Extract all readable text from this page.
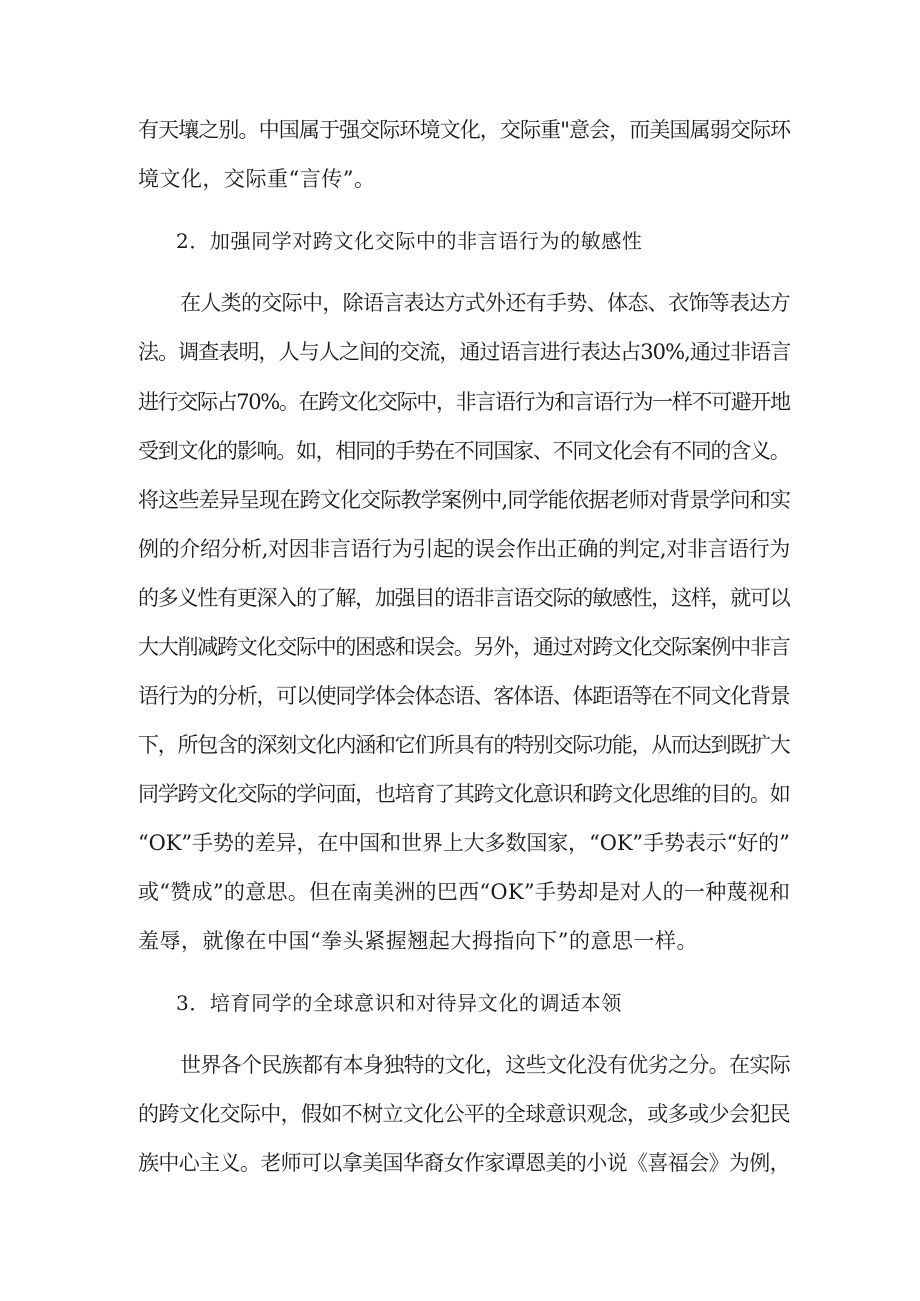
有天壤之别。中国属于强交际环境文化，交际重"意会，而美国属弱交际环
境文化，交际重“言传”。
2．加强同学对跨文化交际中的非言语行为的敏感性
在人类的交际中，除语言表达方式外还有手势、体态、衣饰等表达方
法。调查表明，人与人之间的交流，通过语言进行表达占30%,通过非语言
进行交际占70%。在跨文化交际中，非言语行为和言语行为一样不可避开地
受到文化的影响。如，相同的手势在不同国家、不同文化会有不同的含义。
将这些差异呈现在跨文化交际教学案例中,同学能依据老师对背景学问和实
例的介绍分析,对因非言语行为引起的误会作出正确的判定,对非言语行为
的多义性有更深入的了解，加强目的语非言语交际的敏感性，这样，就可以
大大削减跨文化交际中的困惑和误会。另外，通过对跨文化交际案例中非言
语行为的分析，可以使同学体会体态语、客体语、体距语等在不同文化背景
下，所包含的深刻文化内涵和它们所具有的特别交际功能，从而达到既扩大
同学跨文化交际的学问面，也培育了其跨文化意识和跨文化思维的目的。如
“OK”手势的差异，在中国和世界上大多数国家，“OK”手势表示“好的”
或“赞成”的意思。但在南美洲的巴西“OK”手势却是对人的一种蔑视和
羞辱，就像在中国“拳头紧握翘起大拇指向下”的意思一样。
3．培育同学的全球意识和对待异文化的调适本领
世界各个民族都有本身独特的文化，这些文化没有优劣之分。在实际
的跨文化交际中，假如不树立文化公平的全球意识观念，或多或少会犯民
族中心主义。老师可以拿美国华裔女作家谭恩美的小说《喜福会》为例，
